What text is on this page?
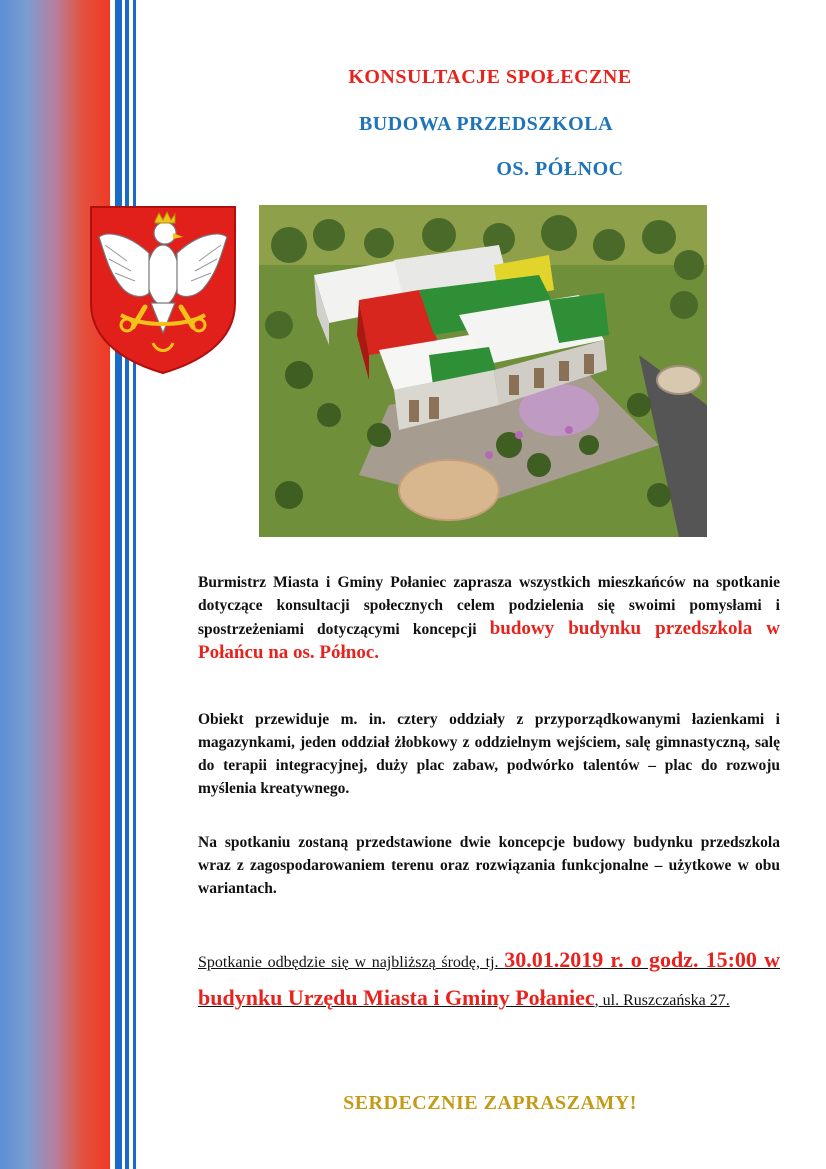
KONSULTACJE SPOŁECZNE
BUDOWA PRZEDSZKOLA
OS. PÓŁNOC

Burmistrz Miasta i Gminy Połaniec zaprasza wszystkich mieszkańców na spotkanie dotyczące konsultacji społecznych celem podzielenia się swoimi pomysłami i spostrzeżeniami dotyczącymi koncepcji budowy budynku przedszkola w Połańcu na os. Północ.

Obiekt przewiduje m. in. cztery oddziały z przyporządkowanymi łazienkami i magazynkami, jeden oddział żłobkowy z oddzielnym wejściem, salę gimnastyczną, salę do terapii integracyjnej, duży plac zabaw, podwórko talentów – plac do rozwoju myślenia kreatywnego.

Na spotkaniu zostaną przedstawione dwie koncepcje budowy budynku przedszkola wraz z zagospodarowaniem terenu oraz rozwiązania funkcjonalne – użytkowe w obu wariantach.

Spotkanie odbędzie się w najbliższą środę, tj. 30.01.2019 r. o godz. 15:00 w budynku Urzędu Miasta i Gminy Połaniec, ul. Ruszczańska 27.

SERDECZNIE ZAPRASZAMY!
